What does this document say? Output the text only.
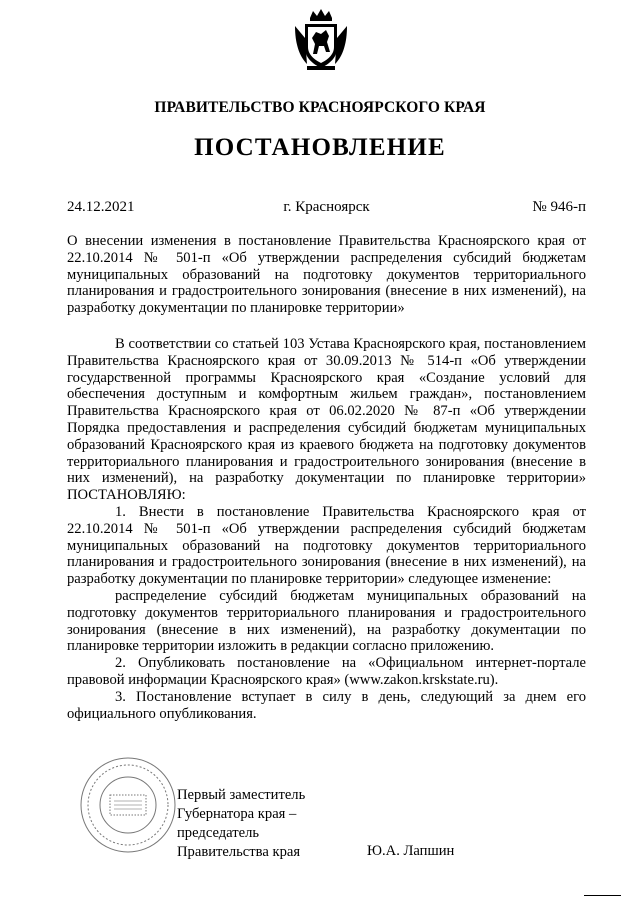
ПРАВИТЕЛЬСТВО КРАСНОЯРСКОГО КРАЯ
ПОСТАНОВЛЕНИЕ
24.12.2021	г. Красноярск	№ 946-п

О внесении изменения в постановление Правительства Красноярского края от 22.10.2014 № 501-п «Об утверждении распределения субсидий бюджетам муниципальных образований на подготовку документов территориального планирования и градостроительного зонирования (внесение в них изменений), на разработку документации по планировке территории»

В соответствии со статьей 103 Устава Красноярского края, постановлением Правительства Красноярского края от 30.09.2013 № 514-п «Об утверждении государственной программы Красноярского края «Создание условий для обеспечения доступным и комфортным жильем граждан», постановлением Правительства Красноярского края от 06.02.2020 № 87-п «Об утверждении Порядка предоставления и распределения субсидий бюджетам муниципальных образований Красноярского края из краевого бюджета на подготовку документов территориального планирования и градостроительного зонирования (внесение в них изменений), на разработку документации по планировке территории» ПОСТАНОВЛЯЮ:

1. Внести в постановление Правительства Красноярского края от 22.10.2014 № 501-п «Об утверждении распределения субсидий бюджетам муниципальных образований на подготовку документов территориального планирования и градостроительного зонирования (внесение в них изменений), на разработку документации по планировке территории» следующее изменение:

распределение субсидий бюджетам муниципальных образований на подготовку документов территориального планирования и градостроительного зонирования (внесение в них изменений), на разработку документации по планировке территории изложить в редакции согласно приложению.

2. Опубликовать постановление на «Официальном интернет-портале правовой информации Красноярского края» (www.zakon.krskstate.ru).

3. Постановление вступает в силу в день, следующий за днем его официального опубликования.

Первый заместитель
Губернатора края –
председатель
Правительства края	Ю.А. Лапшин
